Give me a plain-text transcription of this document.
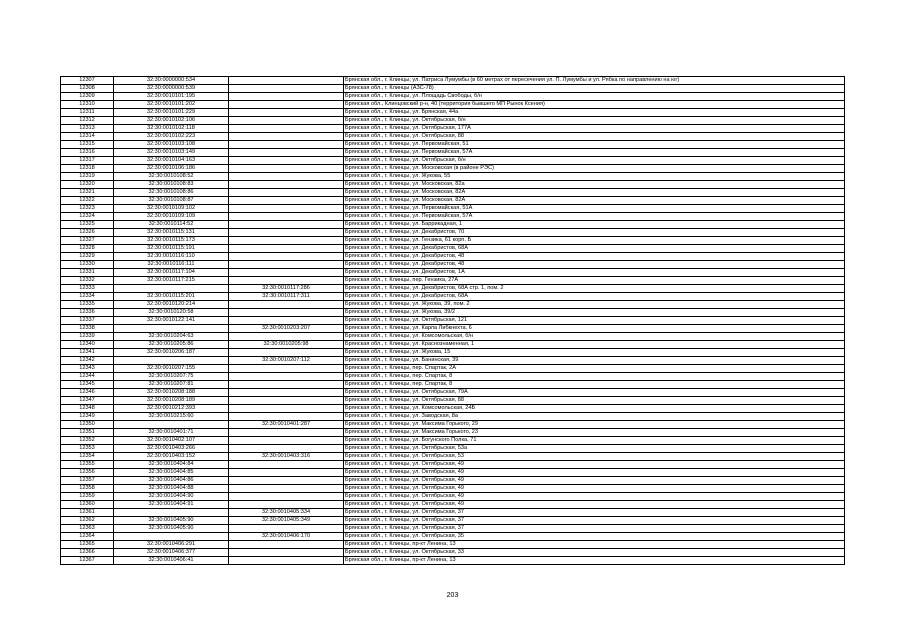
12307	32:30:0000000:534		Брянская обл., г. Клинцы, ул. Патриса Лумумбы (в 60 метрах от пересечения ул. П. Лумумбы и ул. Рябка по направлению на юг)
12308	32:30:0000000:539		Брянская обл., г. Клинцы (АЗС-78)
12309	32:30:0010101:195		Брянская обл., г. Клинцы, ул. Площадь Свободы, б/н
12310	32:30:0010101:202		Брянская обл., Клинцовский р-н, 40 (территория бывшего МП Рынок Ксения)
12311	32:30:0010101:229		Брянская обл., г. Клинцы, ул. Брянская, 44а
12312	32:30:0010102:106		Брянская обл., г. Клинцы, ул. Октябрьская, б/н
12313	32:30:0010102:118		Брянская обл., г. Клинцы, ул. Октябрьская, 177А
12314	32:30:0010102:223		Брянская обл., г. Клинцы, ул. Октябрьская, 88
12315	32:30:0010103:108		Брянская обл., г. Клинцы, ул. Первомайская, 51
12316	32:30:0010103:149		Брянская обл., г. Клинцы, ул. Первомайская, 57А
12317	32:30:0010104:163		Брянская обл., г. Клинцы, ул. Октябрьская, б/н
12318	32:30:0010106:186		Брянская обл., г. Клинцы, ул. Московская (в районе РЭС)
12319	32:30:0010108:52		Брянская обл., г. Клинцы, ул. Жукова, 55
12320	32:30:0010108:83		Брянская обл., г. Клинцы, ул. Московская, 82а
12321	32:30:0010108:86		Брянская обл., г. Клинцы, ул. Московская, 82А
12322	32:30:0010108:87		Брянская обл., г. Клинцы, ул. Московская, 82А
12323	32:30:0010109:102		Брянская обл., г. Клинцы, ул. Первомайская, 51А
12324	32:30:0010109:109		Брянская обл., г. Клинцы, ул. Первомайская, 57А
12325	32:30:0010114:52		Брянская обл., г. Клинцы, ул. Баррикадная, 1
12326	32:30:0010115:131		Брянская обл., г. Клинцы, ул. Декабристов, 70
12327	32:30:0010115:173		Брянская обл., г. Клинцы, ул. Гензика, 61 корп. Б
12328	32:30:0010115:191		Брянская обл., г. Клинцы, ул. Декабристов, 68А
12329	32:30:0010116:110		Брянская обл., г. Клинцы, ул. Декабристов, 48
12330	32:30:0010116:111		Брянская обл., г. Клинцы, ул. Декабристов, 48
12331	32:30:0010117:104		Брянская обл., г. Клинцы, ул. Декабристов, 1А
12332	32:30:0010117:215		Брянская обл., г. Клинцы, пер. Гензика, 27А
12333		32:30:0010117:286	Брянская обл., г. Клинцы, ул. Декабристов, 68А стр. 1, пом. 2
12334	32:30:0010115:201	32:30:0010117:311	Брянская обл., г. Клинцы, ул. Декабристов, 68А
12335	32:30:0010120:214		Брянская обл., г. Клинцы, ул. Жукова, 39, пом. 2
12336	32:30:0010120:58		Брянская обл., г. Клинцы, ул. Жукова, 39/2
12337	32:30:0010122:141		Брянская обл., г. Клинцы, ул. Октябрьская, 121
12338		32:30:0010203:207	Брянская обл., г. Клинцы, ул. Карла Либкнехта, 6
12339	32:30:0010204:63		Брянская обл., г. Клинцы, ул. Комсомольская, б/н
12340	32:30:0010205:86	32:30:0010205:98	Брянская обл., г. Клинцы, ул. Краснознаменная, 1
12341	32:30:0010206:187		Брянская обл., г. Клинцы, ул. Жукова, 15
12342		32:30:0010207:112	Брянская обл., г. Клинцы, ул. Банинская, 39
12343	32:30:0010207:155		Брянская обл., г. Клинцы, пер. Спартак, 2А
12344	32:30:0010207:75		Брянская обл., г. Клинцы, пер. Спартак, 8
12345	32:30:0010207:81		Брянская обл., г. Клинцы, пер. Спартак, 8
12346	32:30:0010208:188		Брянская обл., г. Клинцы, ул. Октябрьская, 79А
12347	32:30:0010208:189		Брянская обл., г. Клинцы, ул. Октябрьская, 88
12348	32:30:0010212:393		Брянская обл., г. Клинцы, ул. Комсомольская, 24Б
12349	32:30:0010215:60		Брянская обл., г. Клинцы, ул. Заводская, 8а
12350		32:30:0010401:287	Брянская обл., г. Клинцы, ул. Максима Горького, 29
12351	32:30:0010401:71		Брянская обл., г. Клинцы, ул. Максима Горького, 23
12352	32:30:0010402:107		Брянская обл., г. Клинцы, ул. Богунского Полка, 71
12353	32:30:0010403:266		Брянская обл., г. Клинцы, ул. Октябрьская, 53а
12354	32:30:0010403:152	32:30:0010403:316	Брянская обл., г. Клинцы, ул. Октябрьская, 53
12355	32:30:0010404:84		Брянская обл., г. Клинцы, ул. Октябрьская, 49
12356	32:30:0010404:85		Брянская обл., г. Клинцы, ул. Октябрьская, 49
12357	32:30:0010404:86		Брянская обл., г. Клинцы, ул. Октябрьская, 49
12358	32:30:0010404:88		Брянская обл., г. Клинцы, ул. Октябрьская, 49
12359	32:30:0010404:90		Брянская обл., г. Клинцы, ул. Октябрьская, 49
12360	32:30:0010404:91		Брянская обл., г. Клинцы, ул. Октябрьская, 49
12361		32:30:0010405:334	Брянская обл., г. Клинцы, ул. Октябрьская, 37
12362	32:30:0010405:90	32:30:0010405:349	Брянская обл., г. Клинцы, ул. Октябрьская, 37
12363	32:30:0010405:90		Брянская обл., г. Клинцы, ул. Октябрьская, 37
12364		32:30:0010406:170	Брянская обл., г. Клинцы, ул. Октябрьская, 35
12365	32:30:0010406:291		Брянская обл., г. Клинцы, пр-кт Ленина, 13
12366	32:30:0010406:377		Брянская обл., г. Клинцы, ул. Октябрьская, 33
12367	32:30:0010406:41		Брянская обл., г. Клинцы, пр-кт Ленина, 13
203
